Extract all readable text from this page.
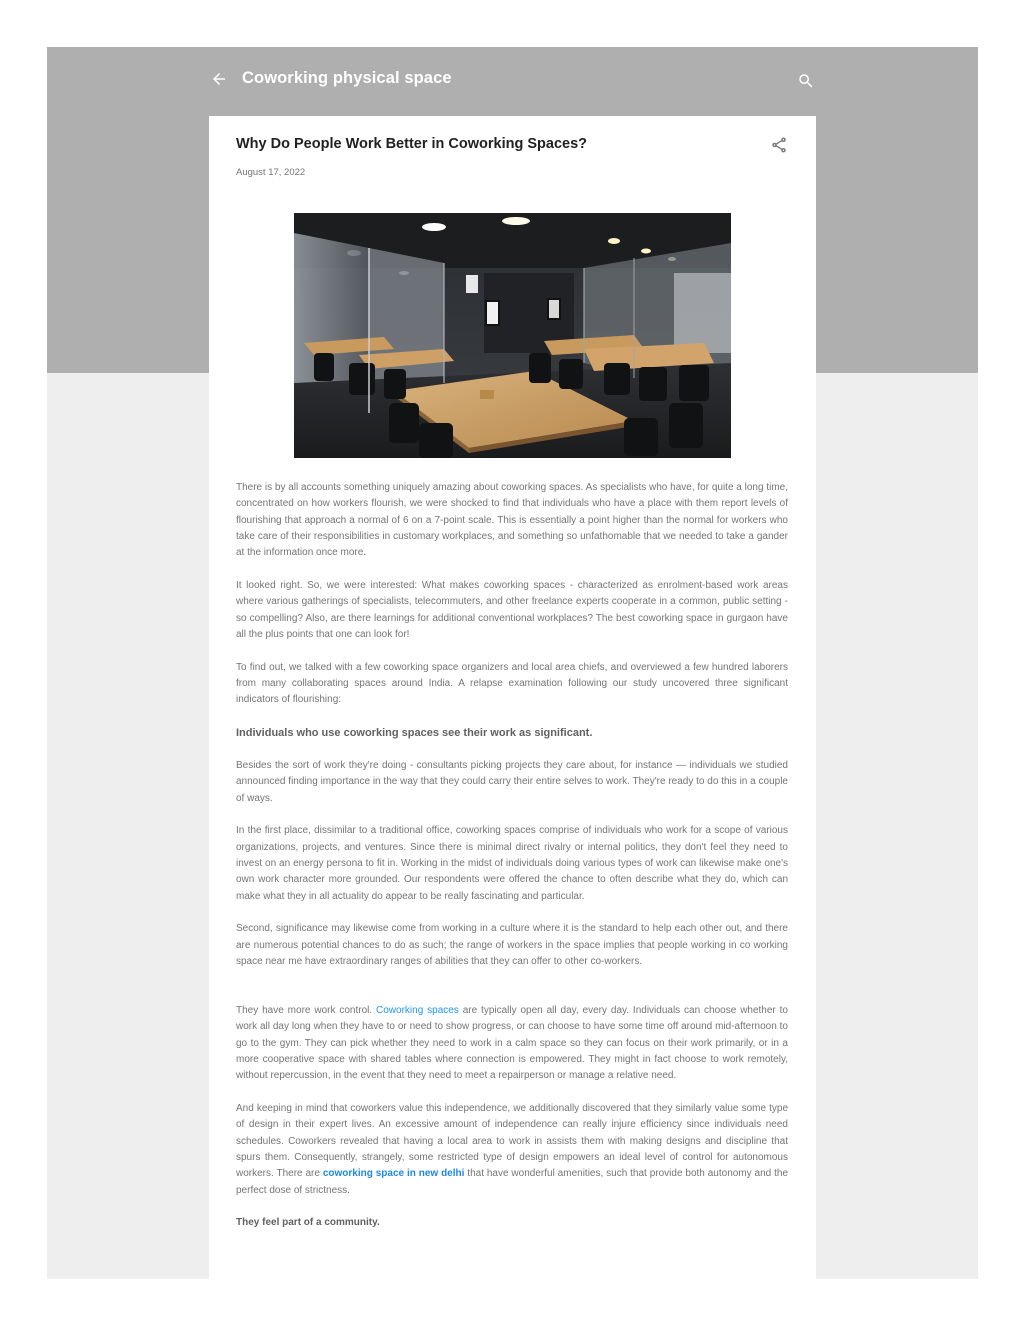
Coworking physical space
Why Do People Work Better in Coworking Spaces?
August 17, 2022

There is by all accounts something uniquely amazing about coworking spaces. As specialists who have, for quite a long time, concentrated on how workers flourish, we were shocked to find that individuals who have a place with them report levels of flourishing that approach a normal of 6 on a 7-point scale. This is essentially a point higher than the normal for workers who take care of their responsibilities in customary workplaces, and something so unfathomable that we needed to take a gander at the information once more.

It looked right. So, we were interested: What makes coworking spaces - characterized as enrolment-based work areas where various gatherings of specialists, telecommuters, and other freelance experts cooperate in a common, public setting - so compelling? Also, are there learnings for additional conventional workplaces? The best coworking space in gurgaon have all the plus points that one can look for!

To find out, we talked with a few coworking space organizers and local area chiefs, and overviewed a few hundred laborers from many collaborating spaces around India. A relapse examination following our study uncovered three significant indicators of flourishing:

Individuals who use coworking spaces see their work as significant.

Besides the sort of work they're doing - consultants picking projects they care about, for instance — individuals we studied announced finding importance in the way that they could carry their entire selves to work. They're ready to do this in a couple of ways.

In the first place, dissimilar to a traditional office, coworking spaces comprise of individuals who work for a scope of various organizations, projects, and ventures. Since there is minimal direct rivalry or internal politics, they don't feel they need to invest on an energy persona to fit in. Working in the midst of individuals doing various types of work can likewise make one's own work character more grounded. Our respondents were offered the chance to often describe what they do, which can make what they in all actuality do appear to be really fascinating and particular.

Second, significance may likewise come from working in a culture where it is the standard to help each other out, and there are numerous potential chances to do as such; the range of workers in the space implies that people working in co working space near me have extraordinary ranges of abilities that they can offer to other co-workers.

They have more work control. Coworking spaces are typically open all day, every day. Individuals can choose whether to work all day long when they have to or need to show progress, or can choose to have some time off around mid-afternoon to go to the gym. They can pick whether they need to work in a calm space so they can focus on their work primarily, or in a more cooperative space with shared tables where connection is empowered. They might in fact choose to work remotely, without repercussion, in the event that they need to meet a repairperson or manage a relative need.

And keeping in mind that coworkers value this independence, we additionally discovered that they similarly value some type of design in their expert lives. An excessive amount of independence can really injure efficiency since individuals need schedules. Coworkers revealed that having a local area to work in assists them with making designs and discipline that spurs them. Consequently, strangely, some restricted type of design empowers an ideal level of control for autonomous workers. There are coworking space in new delhi that have wonderful amenities, such that provide both autonomy and the perfect dose of strictness.

They feel part of a community.
